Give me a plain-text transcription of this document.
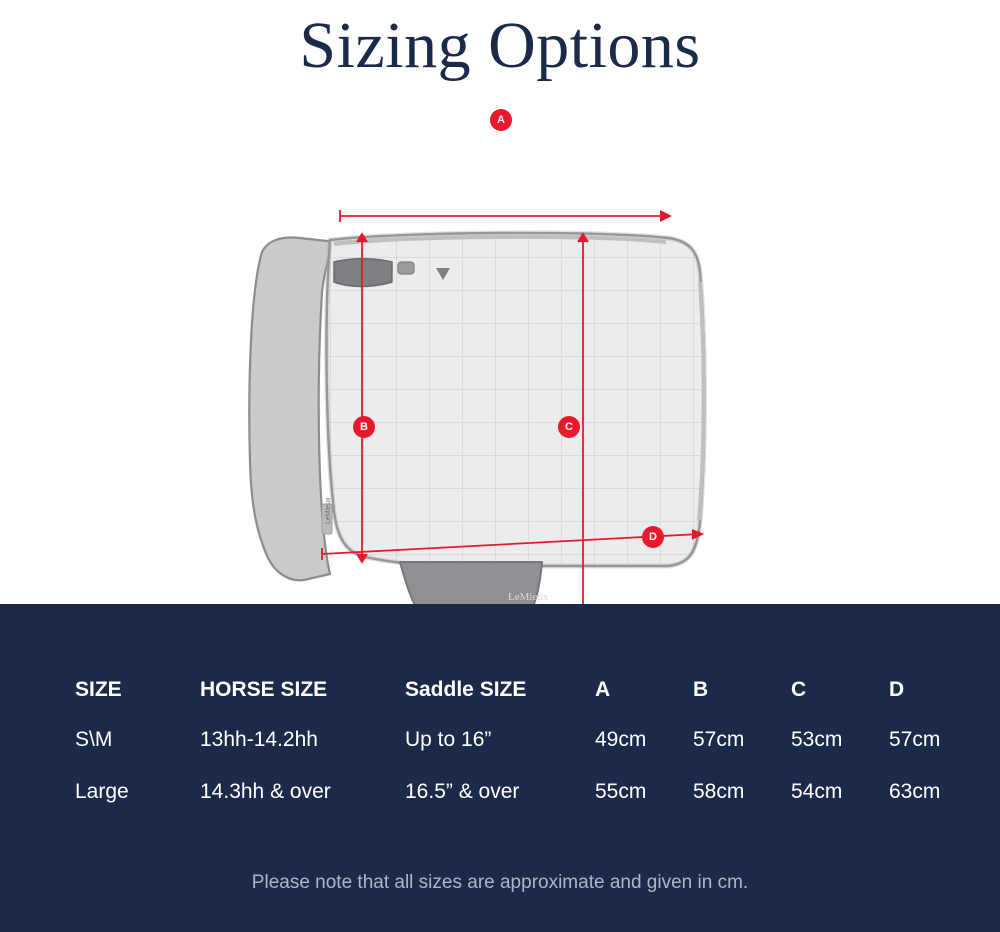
Sizing Options
LeMieux
LeMieux
A
B	C
D
SIZE	HORSE SIZE	Saddle SIZE	A	B	C	D
S\M	13hh-14.2hh	Up to 16”	49cm	57cm	53cm	57cm
Large	14.3hh & over	16.5” & over	55cm	58cm	54cm	63cm
Please note that all sizes are approximate and given in cm.
